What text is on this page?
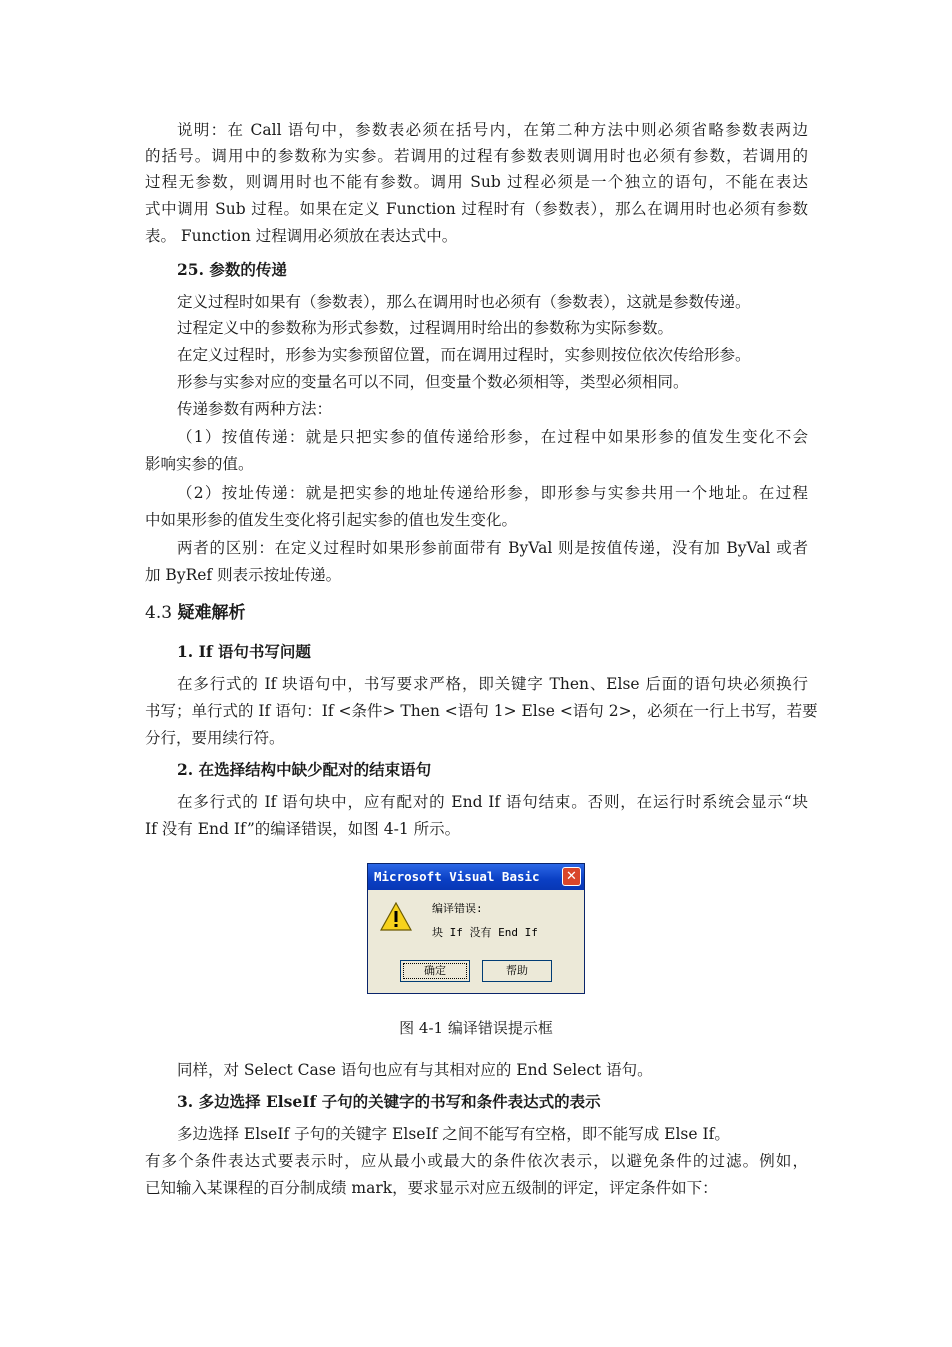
说明：在 Call 语句中，参数表必须在括号内，在第二种方法中则必须省略参数表两边
的括号。调用中的参数称为实参。若调用的过程有参数表则调用时也必须有参数，若调用的
过程无参数，则调用时也不能有参数。调用 Sub 过程必须是一个独立的语句，不能在表达
式中调用 Sub 过程。如果在定义 Function 过程时有（参数表），那么在调用时也必须有参数
表。 Function 过程调用必须放在表达式中。
25. 参数的传递
定义过程时如果有（参数表），那么在调用时也必须有（参数表），这就是参数传递。
过程定义中的参数称为形式参数，过程调用时给出的参数称为实际参数。
在定义过程时，形参为实参预留位置，而在调用过程时，实参则按位依次传给形参。
形参与实参对应的变量名可以不同，但变量个数必须相等，类型必须相同。
传递参数有两种方法：
（1）按值传递：就是只把实参的值传递给形参，在过程中如果形参的值发生变化不会
影响实参的值。
（2）按址传递：就是把实参的地址传递给形参，即形参与实参共用一个地址。在过程
中如果形参的值发生变化将引起实参的值也发生变化。
两者的区别：在定义过程时如果形参前面带有 ByVal 则是按值传递，没有加 ByVal 或者
加 ByRef 则表示按址传递。
4.3 疑难解析
1. If 语句书写问题
在多行式的 If 块语句中，书写要求严格，即关键字 Then、Else 后面的语句块必须换行
书写；单行式的 If 语句：If <条件> Then <语句 1> Else <语句 2>，必须在一行上书写，若要
分行，要用续行符。
2. 在选择结构中缺少配对的结束语句
在多行式的 If 语句块中，应有配对的 End If 语句结束。否则，在运行时系统会显示“块
If 没有 End If”的编译错误，如图 4-1 所示。
Microsoft Visual Basic	✕
编译错误:
块 If 没有 End If
确定	帮助
图 4-1 编译错误提示框
同样，对 Select Case 语句也应有与其相对应的 End Select 语句。
3. 多边选择 ElseIf 子句的关键字的书写和条件表达式的表示
多边选择 ElseIf 子句的关键字 ElseIf 之间不能写有空格，即不能写成 Else If。
有多个条件表达式要表示时，应从最小或最大的条件依次表示，以避免条件的过滤。例如，
已知输入某课程的百分制成绩 mark，要求显示对应五级制的评定，评定条件如下：
